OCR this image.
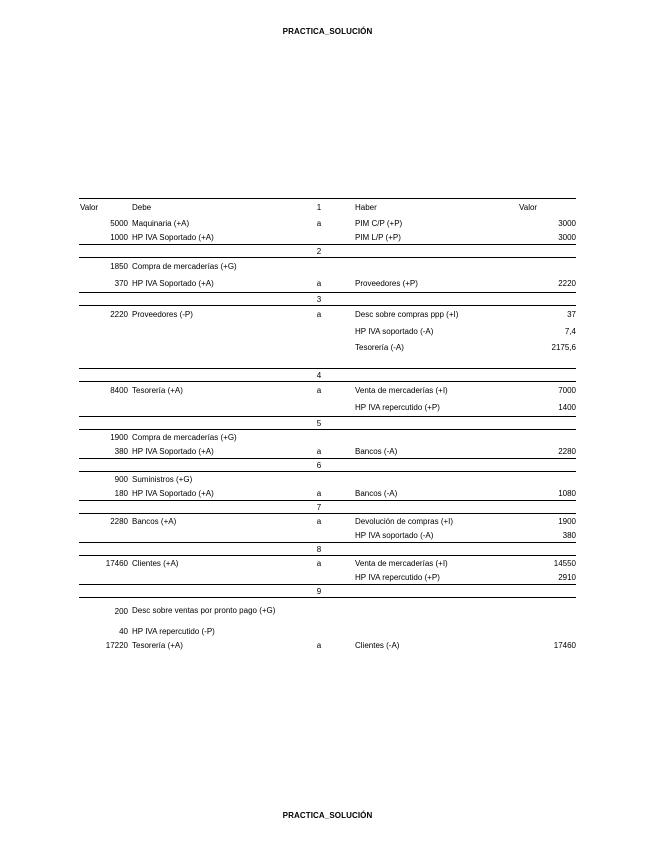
PRACTICA_SOLUCIÓN
Valor	Debe	1	Haber	Valor
5000 Maquinaria (+A)	a	PIM C/P (+P)	3000
1000 HP IVA Soportado (+A)	PIM L/P (+P)	3000
2
1850 Compra de mercaderías (+G)
370 HP IVA Soportado (+A)	a	Proveedores (+P)	2220
3
2220 Proveedores (-P)	a	Desc sobre compras ppp (+I)	37
HP IVA soportado (-A)	7,4
Tesorería (-A)	2175,6
4
8400 Tesorería (+A)	a	Venta de mercaderías (+I)	7000
HP IVA repercutido (+P)	1400
5
1900 Compra de mercaderías (+G)
380 HP IVA Soportado (+A)	a	Bancos (-A)	2280
6
900 Suministros (+G)
180 HP IVA Soportado (+A)	a	Bancos (-A)	1080
7
2280 Bancos (+A)	a	Devolución de compras (+I)	1900
HP IVA soportado (-A)	380
8
17460 Clientes (+A)	a	Venta de mercaderías (+I)	14550
HP IVA repercutido (+P)	2910
9
200 Desc sobre ventas por pronto pago (+G)
40 HP IVA repercutido (-P)
17220 Tesorería (+A)	a	Clientes (-A)	17460
PRACTICA_SOLUCIÓN
